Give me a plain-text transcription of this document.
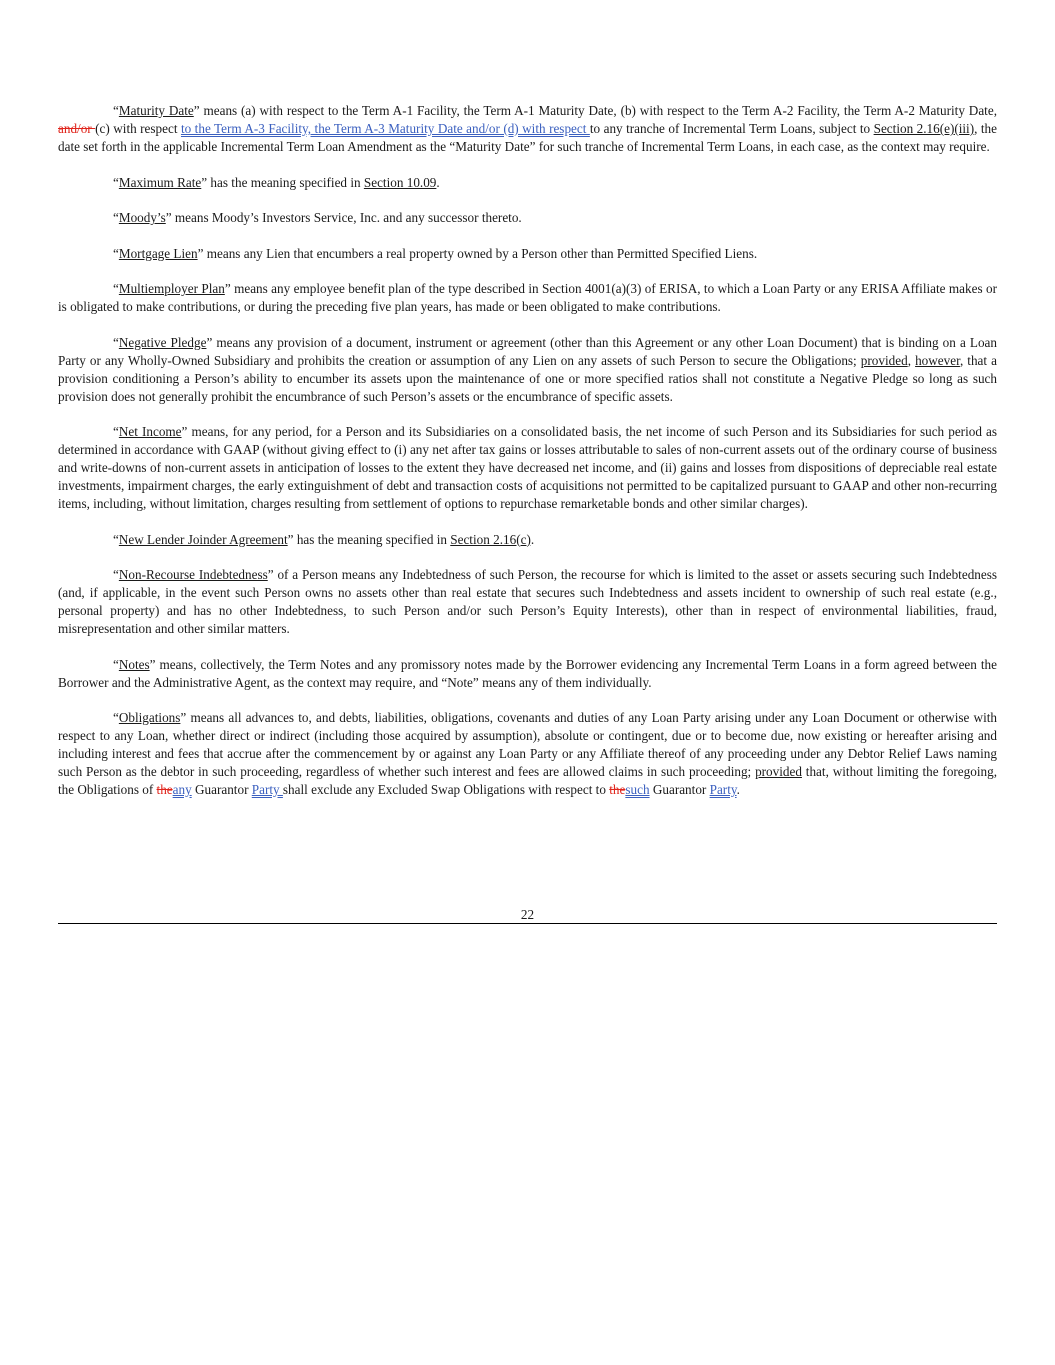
“Maturity Date” means (a) with respect to the Term A-1 Facility, the Term A-1 Maturity Date, (b) with respect to the Term A-2 Facility, the Term A-2 Maturity Date, and/or (c) with respect to the Term A-3 Facility, the Term A-3 Maturity Date and/or (d) with respect to any tranche of Incremental Term Loans, subject to Section 2.16(e)(iii), the date set forth in the applicable Incremental Term Loan Amendment as the “Maturity Date” for such tranche of Incremental Term Loans, in each case, as the context may require.

“Maximum Rate” has the meaning specified in Section 10.09.

“Moody’s” means Moody’s Investors Service, Inc. and any successor thereto.

“Mortgage Lien” means any Lien that encumbers a real property owned by a Person other than Permitted Specified Liens.

“Multiemployer Plan” means any employee benefit plan of the type described in Section 4001(a)(3) of ERISA, to which a Loan Party or any ERISA Affiliate makes or is obligated to make contributions, or during the preceding five plan years, has made or been obligated to make contributions.

“Negative Pledge” means any provision of a document, instrument or agreement (other than this Agreement or any other Loan Document) that is binding on a Loan Party or any Wholly-Owned Subsidiary and prohibits the creation or assumption of any Lien on any assets of such Person to secure the Obligations; provided, however, that a provision conditioning a Person’s ability to encumber its assets upon the maintenance of one or more specified ratios shall not constitute a Negative Pledge so long as such provision does not generally prohibit the encumbrance of such Person’s assets or the encumbrance of specific assets.

“Net Income” means, for any period, for a Person and its Subsidiaries on a consolidated basis, the net income of such Person and its Subsidiaries for such period as determined in accordance with GAAP (without giving effect to (i) any net after tax gains or losses attributable to sales of non-current assets out of the ordinary course of business and write-downs of non-current assets in anticipation of losses to the extent they have decreased net income, and (ii) gains and losses from dispositions of depreciable real estate investments, impairment charges, the early extinguishment of debt and transaction costs of acquisitions not permitted to be capitalized pursuant to GAAP and other non-recurring items, including, without limitation, charges resulting from settlement of options to repurchase remarketable bonds and other similar charges).

“New Lender Joinder Agreement” has the meaning specified in Section 2.16(c).

“Non-Recourse Indebtedness” of a Person means any Indebtedness of such Person, the recourse for which is limited to the asset or assets securing such Indebtedness (and, if applicable, in the event such Person owns no assets other than real estate that secures such Indebtedness and assets incident to ownership of such real estate (e.g., personal property) and has no other Indebtedness, to such Person and/or such Person’s Equity Interests), other than in respect of environmental liabilities, fraud, misrepresentation and other similar matters.

“Notes” means, collectively, the Term Notes and any promissory notes made by the Borrower evidencing any Incremental Term Loans in a form agreed between the Borrower and the Administrative Agent, as the context may require, and “Note” means any of them individually.

“Obligations” means all advances to, and debts, liabilities, obligations, covenants and duties of any Loan Party arising under any Loan Document or otherwise with respect to any Loan, whether direct or indirect (including those acquired by assumption), absolute or contingent, due or to become due, now existing or hereafter arising and including interest and fees that accrue after the commencement by or against any Loan Party or any Affiliate thereof of any proceeding under any Debtor Relief Laws naming such Person as the debtor in such proceeding, regardless of whether such interest and fees are allowed claims in such proceeding; provided that, without limiting the foregoing, the Obligations of theany Guarantor Party shall exclude any Excluded Swap Obligations with respect to thesuch Guarantor Party.

22
